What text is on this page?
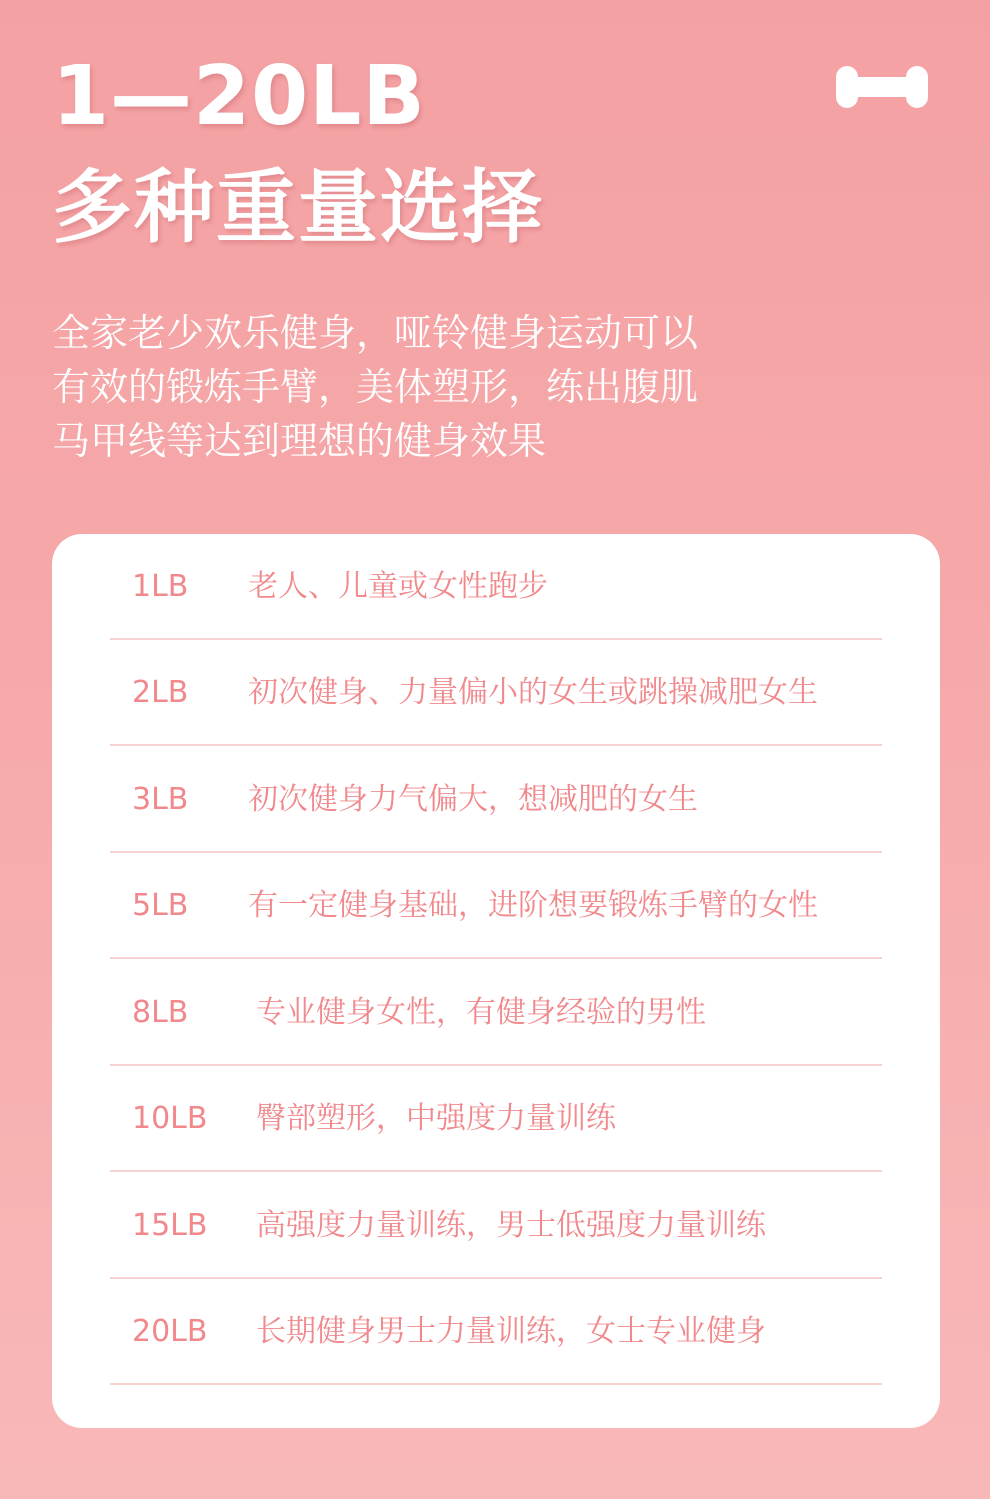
1—20LB
多种重量选择
全家老少欢乐健身，哑铃健身运动可以
有效的锻炼手臂，美体塑形，练出腹肌
马甲线等达到理想的健身效果
1LB 老人、儿童或女性跑步
2LB 初次健身、力量偏小的女生或跳操减肥女生
3LB 初次健身力气偏大，想减肥的女生
5LB 有一定健身基础，进阶想要锻炼手臂的女性
8LB 专业健身女性，有健身经验的男性
10LB 臀部塑形，中强度力量训练
15LB 高强度力量训练，男士低强度力量训练
20LB 长期健身男士力量训练，女士专业健身
